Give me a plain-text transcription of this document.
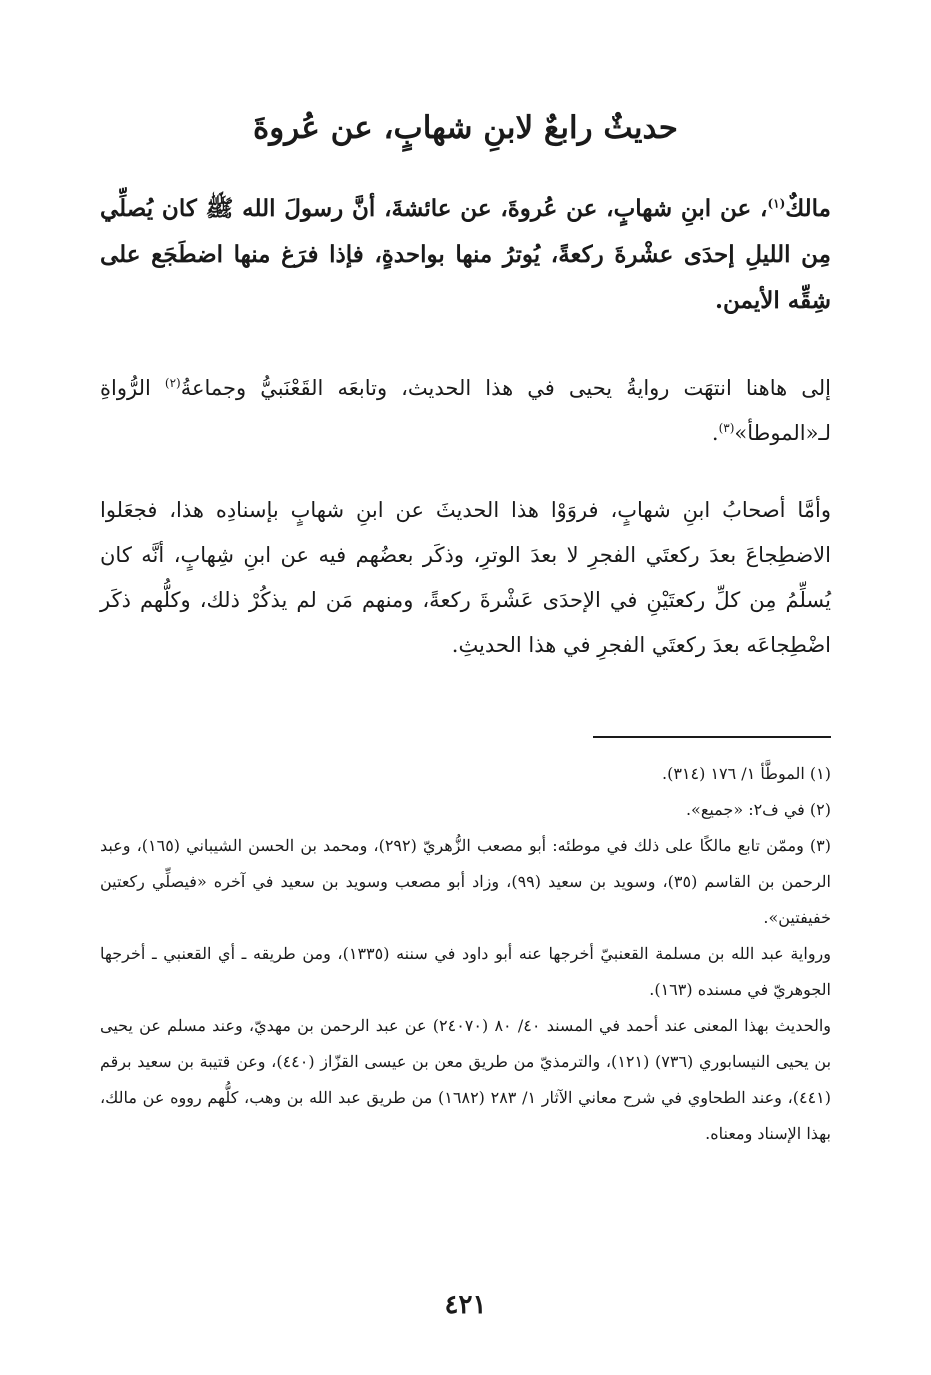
حديثٌ رابعٌ لابنِ شهابٍ، عن عُروةَ
مالكٌ$^{(١)}$، عن ابنِ شهابٍ، عن عُروةَ، عن عائشةَ، أنَّ رسولَ الله ﷺ كان يُصلِّي مِن الليلِ إحدَى عشْرةَ ركعةً، يُوترُ منها بواحدةٍ، فإذا فرَغ منها اضطَجَع على شِقِّه الأيمن.
إلى هاهنا انتهَت روايةُ يحيى في هذا الحديث، وتابعَه القَعْنَبيُّ وجماعةُ$^{(٢)}$ الرُّواةِ لـ«الموطأ»$^{(٣)}$.
وأمَّا أصحابُ ابنِ شهابٍ، فروَوْا هذا الحديثَ عن ابنِ شهابٍ بإسنادِه هذا، فجعَلوا الاضطِجاعَ بعدَ ركعتَي الفجرِ لا بعدَ الوترِ، وذكَر بعضُهم فيه عن ابنِ شِهابٍ، أنَّه كان يُسلِّمُ مِن كلِّ ركعتَيْنِ في الإحدَى عَشْرةَ ركعةً، ومنهم مَن لم يذكُرْ ذلك، وكلُّهم ذكَر اضْطِجاعَه بعدَ ركعتَي الفجرِ في هذا الحديثِ.

(١) الموطَّأ ١/ ١٧٦ (٣١٤).

(٢) في ف٢: «جميع».

(٣) وممّن تابع مالكًا على ذلك في موطئه: أبو مصعب الزُّهريّ (٢٩٢)، ومحمد بن الحسن الشيباني (١٦٥)، وعبد الرحمن بن القاسم (٣٥)، وسويد بن سعيد (٩٩)، وزاد أبو مصعب وسويد بن سعيد في آخره «فيصلِّي ركعتين خفيفتين».

ورواية عبد الله بن مسلمة القعنبيّ أخرجها عنه أبو داود في سننه (١٣٣٥)، ومن طريقه ـ أي القعنبي ـ أخرجها الجوهريّ في مسنده (١٦٣).

والحديث بهذا المعنى عند أحمد في المسند ٤٠/ ٨٠ (٢٤٠٧٠) عن عبد الرحمن بن مهديّ، وعند مسلم عن يحيى بن يحيى النيسابوري (٧٣٦) (١٢١)، والترمذيّ من طريق معن بن عيسى القزّاز (٤٤٠)، وعن قتيبة بن سعيد برقم (٤٤١)، وعند الطحاوي في شرح معاني الآثار ١/ ٢٨٣ (١٦٨٢) من طريق عبد الله بن وهب، كلُّهم رووه عن مالك، بهذا الإسناد ومعناه.

٤٢١
